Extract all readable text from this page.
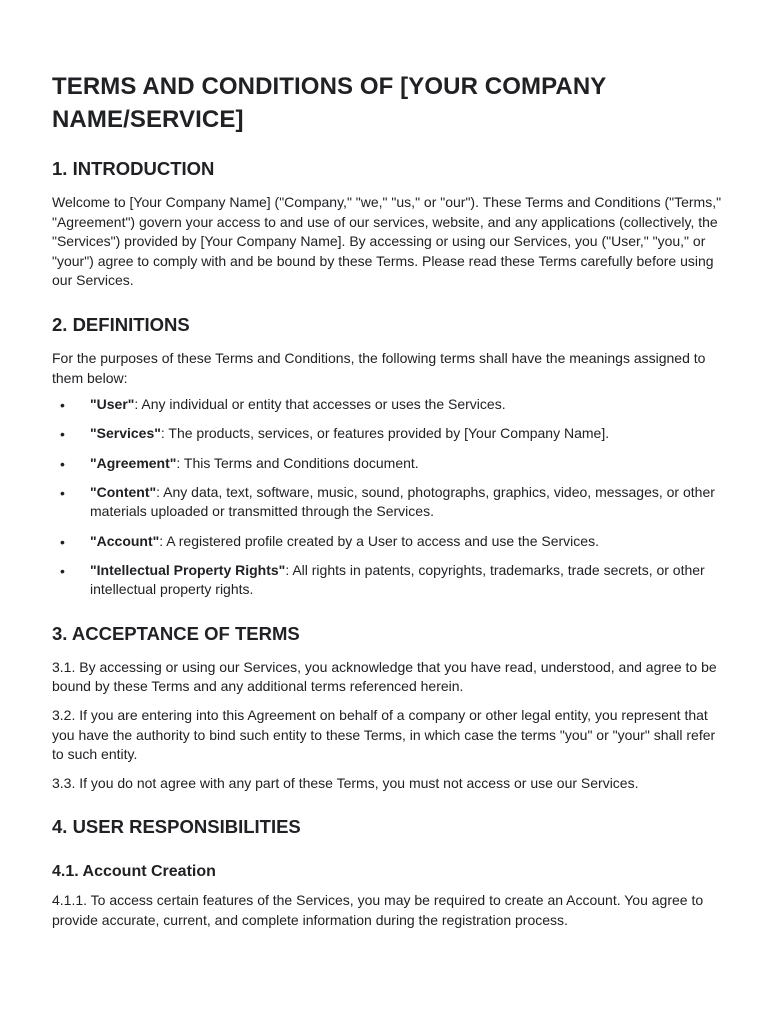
TERMS AND CONDITIONS OF [YOUR COMPANY NAME/SERVICE]
1. INTRODUCTION

Welcome to [Your Company Name] ("Company," "we," "us," or "our"). These Terms and Conditions ("Terms," "Agreement") govern your access to and use of our services, website, and any applications (collectively, the "Services") provided by [Your Company Name]. By accessing or using our Services, you ("User," "you," or "your") agree to comply with and be bound by these Terms. Please read these Terms carefully before using our Services.

2. DEFINITIONS

For the purposes of these Terms and Conditions, the following terms shall have the meanings assigned to them below:

• "User": Any individual or entity that accesses or uses the Services.
• "Services": The products, services, or features provided by [Your Company Name].
• "Agreement": This Terms and Conditions document.
• "Content": Any data, text, software, music, sound, photographs, graphics, video, messages, or other materials uploaded or transmitted through the Services.
• "Account": A registered profile created by a User to access and use the Services.
• "Intellectual Property Rights": All rights in patents, copyrights, trademarks, trade secrets, or other intellectual property rights.
3. ACCEPTANCE OF TERMS

3.1. By accessing or using our Services, you acknowledge that you have read, understood, and agree to be bound by these Terms and any additional terms referenced herein.

3.2. If you are entering into this Agreement on behalf of a company or other legal entity, you represent that you have the authority to bind such entity to these Terms, in which case the terms "you" or "your" shall refer to such entity.

3.3. If you do not agree with any part of these Terms, you must not access or use our Services.

4. USER RESPONSIBILITIES
4.1. Account Creation

4.1.1. To access certain features of the Services, you may be required to create an Account. You agree to provide accurate, current, and complete information during the registration process.
